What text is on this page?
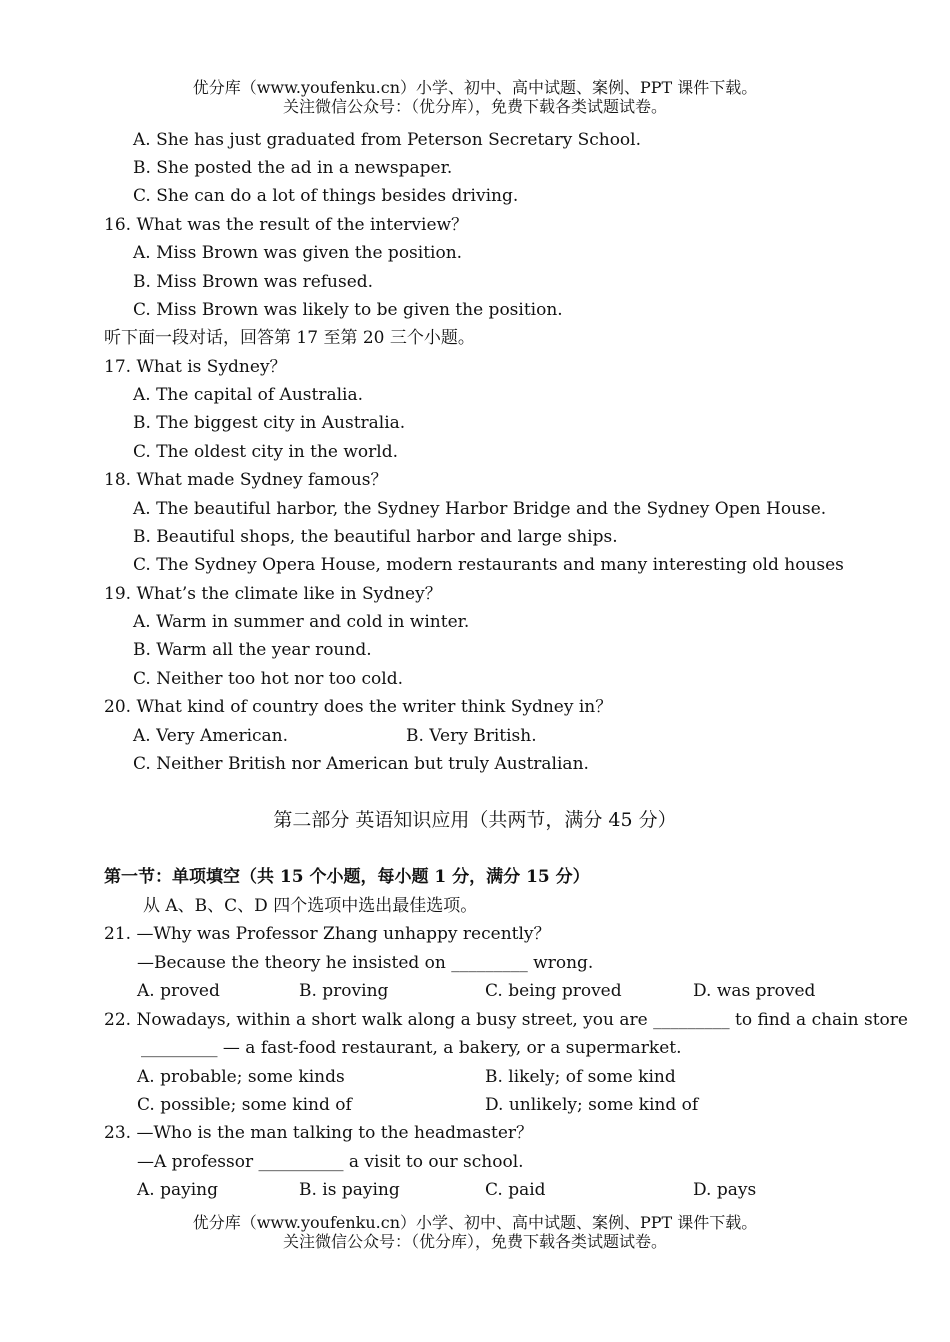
优分库（www.youfenku.cn）小学、初中、高中试题、案例、PPT 课件下载。
关注微信公众号：（优分库），免费下载各类试题试卷。
A. She has just graduated from Peterson Secretary School.
B. She posted the ad in a newspaper.
C. She can do a lot of things besides driving.
16. What was the result of the interview？
A. Miss Brown was given the position.
B. Miss Brown was refused.
C. Miss Brown was likely to be given the position.
听下面一段对话，回答第 17 至第 20 三个小题。
17. What is Sydney？
A. The capital of Australia.
B. The biggest city in Australia.
C. The oldest city in the world.
18. What made Sydney famous？
A. The beautiful harbor, the Sydney Harbor Bridge and the Sydney Open House.
B. Beautiful shops, the beautiful harbor and large ships.
C. The Sydney Opera House, modern restaurants and many interesting old houses
19. What’s the climate like in Sydney？
A. Warm in summer and cold in winter.
B. Warm all the year round.
C. Neither too hot nor too cold.
20. What kind of country does the writer think Sydney in？
A. Very American.	B. Very British.
C. Neither British nor American but truly Australian.
第二部分 英语知识应用（共两节，满分 45 分）
第一节：单项填空（共 15 个小题，每小题 1 分，满分 15 分）
从 A、B、C、D 四个选项中选出最佳选项。
21. —Why was Professor Zhang unhappy recently？
—Because the theory he insisted on _________ wrong.
A. proved	B. proving	C. being proved	D. was proved
22. Nowadays, within a short walk along a busy street, you are _________ to find a chain store
_________ — a fast-food restaurant, a bakery, or a supermarket.
A. probable; some kinds	B. likely; of some kind
C. possible; some kind of	D. unlikely; some kind of
23. —Who is the man talking to the headmaster？
—A professor __________ a visit to our school.
A. paying	B. is paying	C. paid	D. pays
优分库（www.youfenku.cn）小学、初中、高中试题、案例、PPT 课件下载。
关注微信公众号：（优分库），免费下载各类试题试卷。
